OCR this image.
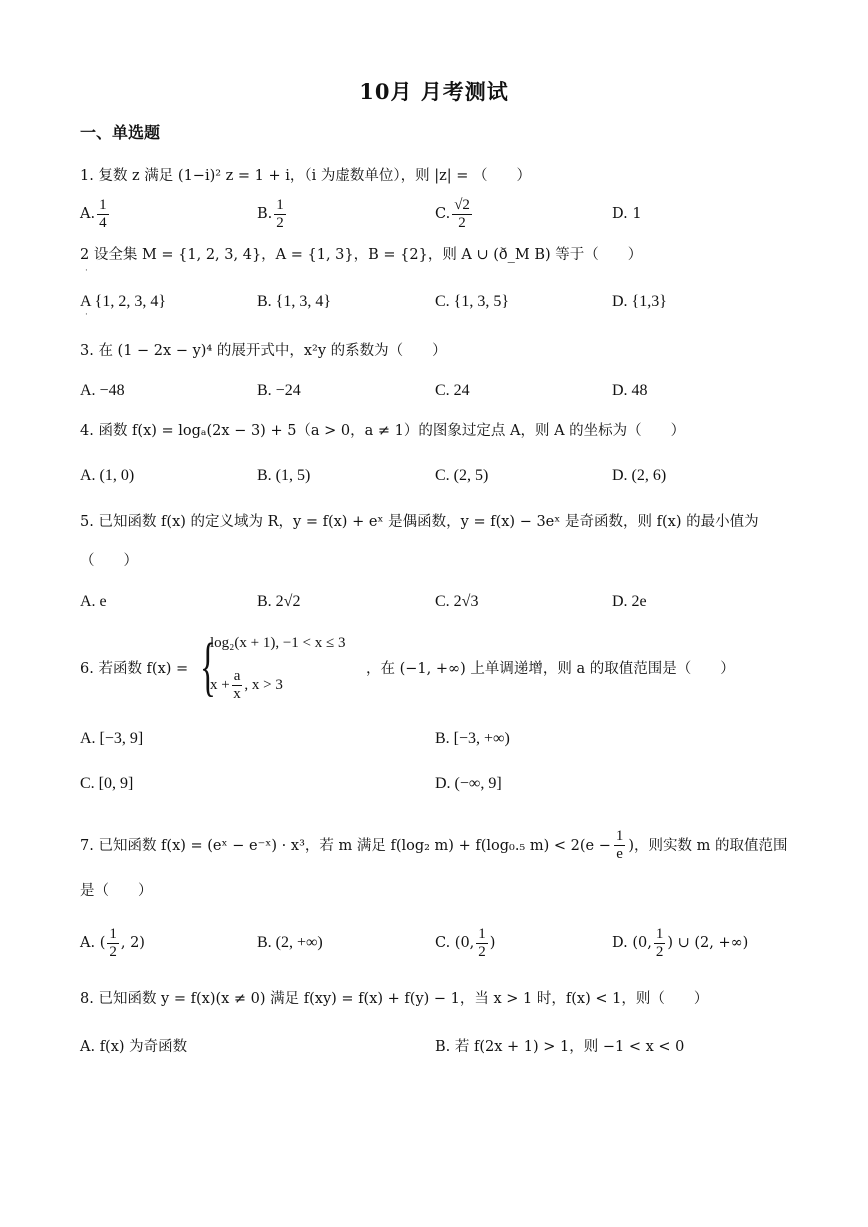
10月 月考测试
一、单选题
1. 复数 z 满足 (1−i)² z = 1 + i，（i 为虚数单位），则 |z| = （　　）
A. $\frac{1}{4}$	B. $\frac{1}{2}$	C. $\frac{√2}{2}$	D. 1
2 设全集 M = {1, 2, 3, 4}，A = {1, 3}，B = {2}，则 A ∪ (ð_M B) 等于（　　）
·
A {1, 2, 3, 4}	B. {1, 3, 4}	C. {1, 3, 5}	D. {1,3}
·
3. 在 (1 − 2x − y)⁴ 的展开式中，x²y 的系数为（　　）
A. −48	B. −24	C. 24	D. 48
4. 函数 f(x) = logₐ(2x − 3) + 5（a > 0，a ≠ 1）的图象过定点 A，则 A 的坐标为（　　）
A. (1, 0)	B. (1, 5)	C. (2, 5)	D. (2, 6)
5. 已知函数 f(x) 的定义域为 R，y = f(x) + eˣ 是偶函数，y = f(x) − 3eˣ 是奇函数，则 f(x) 的最小值为
（　　）
A. e	B. 2√2	C. 2√3	D. 2e
6. 若函数 f(x) = {
log₂(x + 1), −1 < x ≤ 3
$x + \frac{a}{x}$ , x > 3
，在 (−1, +∞) 上单调递增，则 a 的取值范围是（　　）
A. [−3, 9]	B. [−3, +∞)
C. [0, 9]	D. (−∞, 9]
7. 已知函数 f(x) = (eˣ − e⁻ˣ) · x³，若 m 满足 f(log₂ m) + f(log₀.₅ $m) < 2(e - \frac{1}{e}$ )，则实数 m 的取值范围
是（　　）
A. ( $\frac{1}{2}$ , 2)	B. (2, +∞)	C. (0, $\frac{1}{2}$ )	D. (0, $\frac{1}{2}$ ) ∪ (2, +∞)
8. 已知函数 y = f(x)(x ≠ 0) 满足 f(xy) = f(x) + f(y) − 1，当 x > 1 时，f(x) < 1，则（　　）
A. f(x) 为奇函数	B. 若 f(2x + 1) > 1，则 −1 < x < 0
